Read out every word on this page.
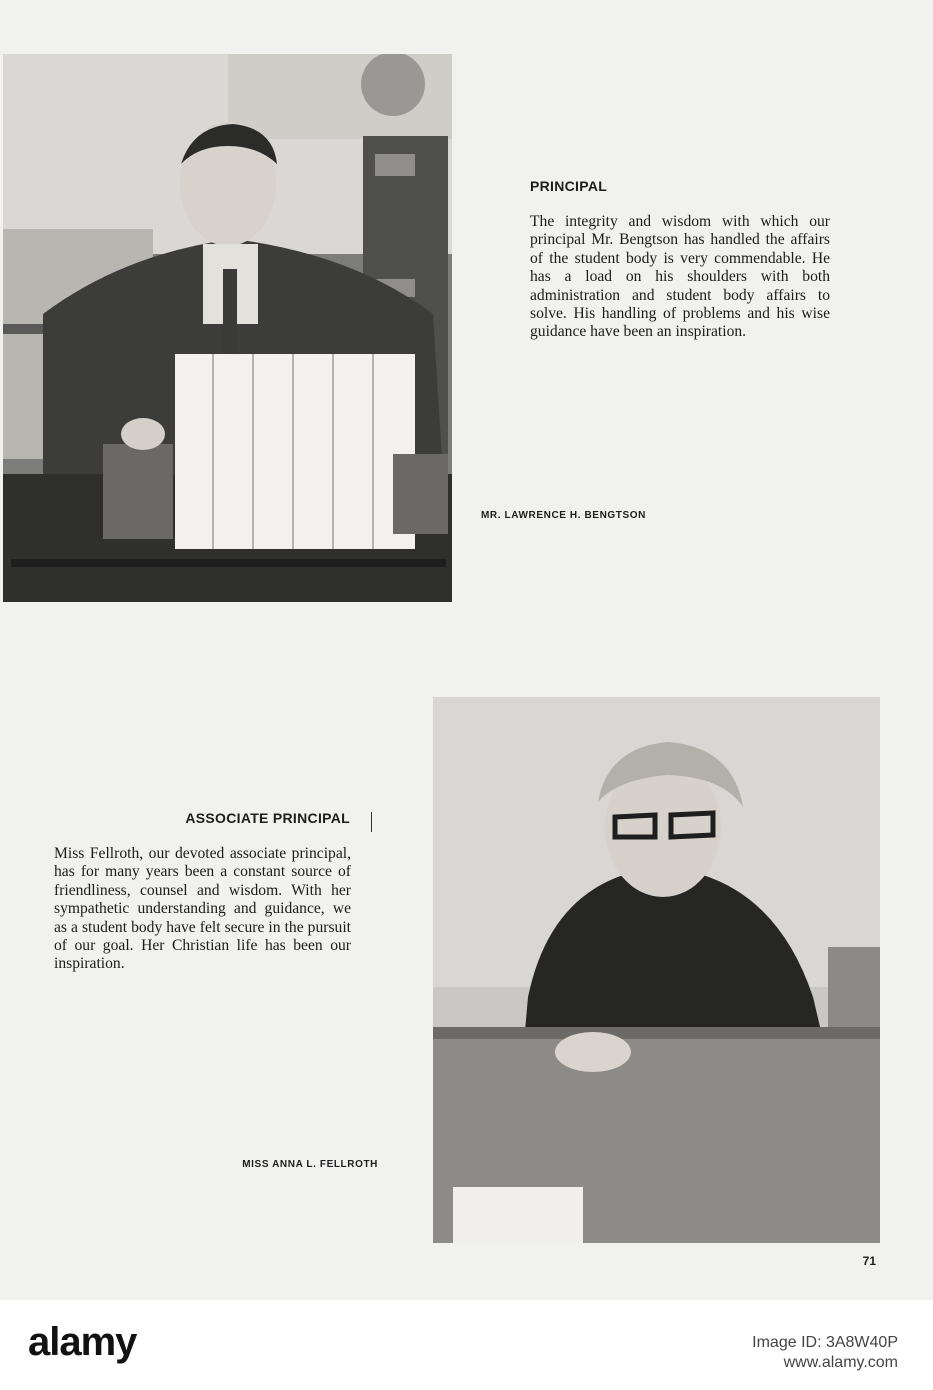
PRINCIPAL

The integrity and wisdom with which our principal Mr. Bengtson has handled the affairs of the student body is very commendable. He has a load on his shoulders with both administration and student body affairs to solve. His handling of problems and his wise guidance have been an inspiration.

MR. LAWRENCE H. BENGTSON
ASSOCIATE PRINCIPAL

Miss Fellroth, our devoted associate principal, has for many years been a constant source of friendliness, counsel and wisdom. With her sympathetic understanding and guidance, we as a student body have felt secure in the pursuit of our goal. Her Christian life has been our inspiration.

MISS ANNA L. FELLROTH
71
alamy	Image ID: 3A8W40P
www.alamy.com
